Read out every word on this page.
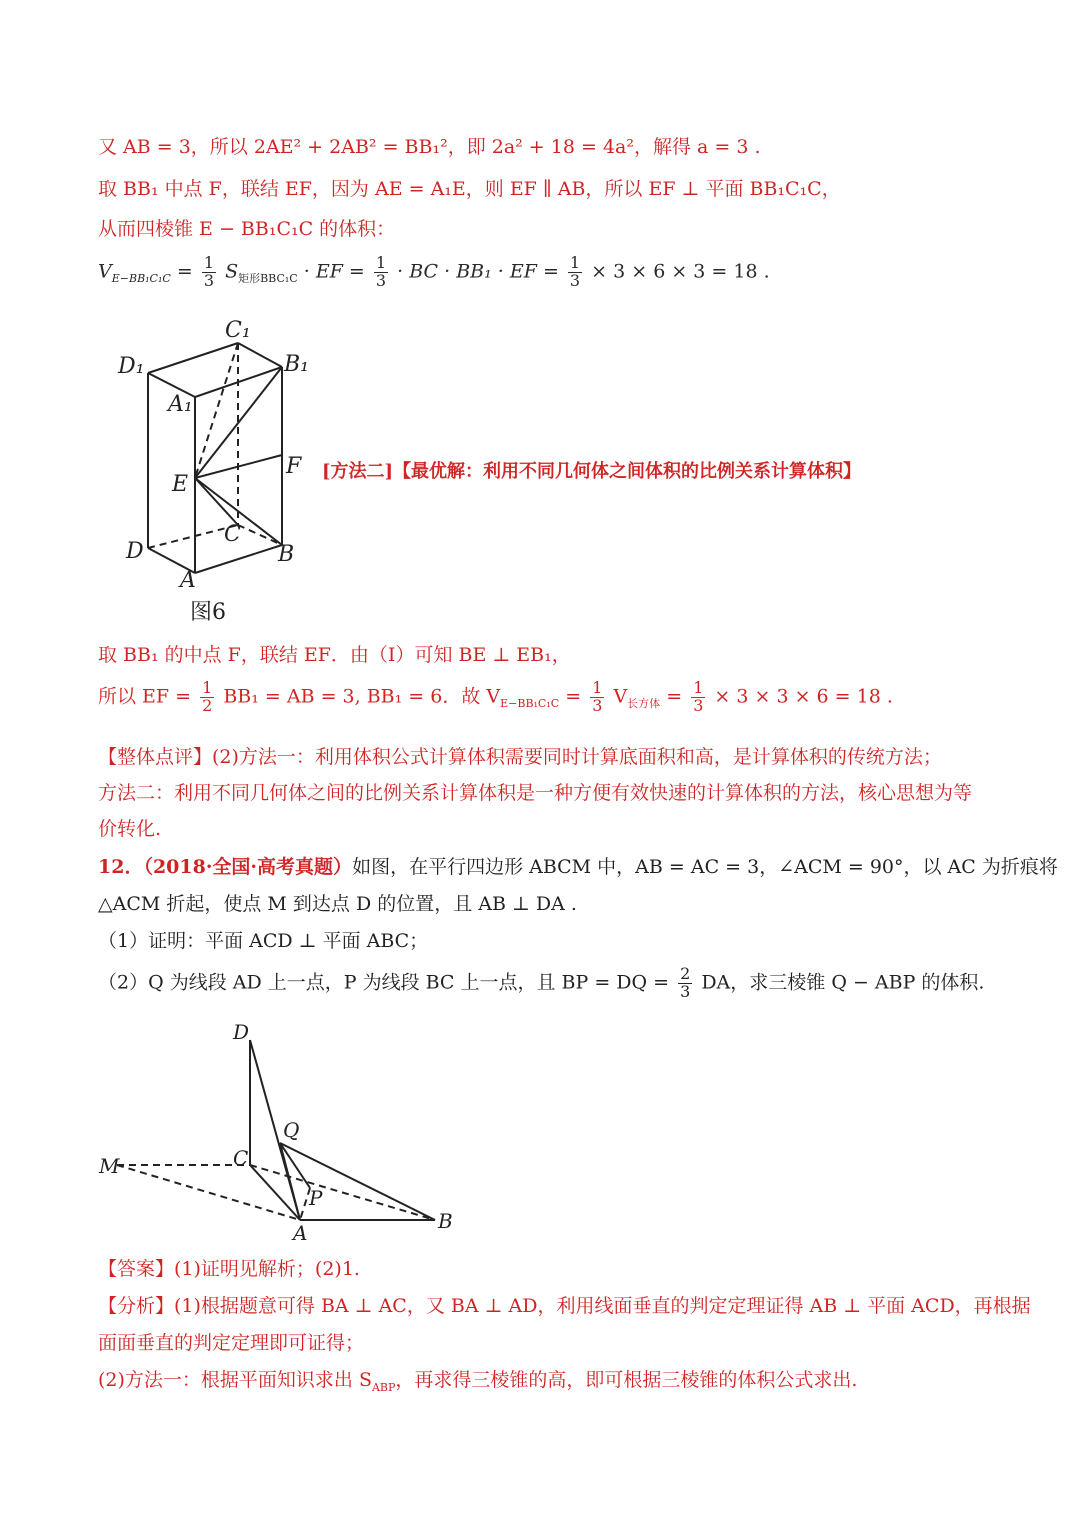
又 AB = 3，所以 2AE² + 2AB² = BB₁²，即 2a² + 18 = 4a²，解得 a = 3 .
取 BB₁ 中点 F，联结 EF，因为 AE = A₁E，则 EF ∥ AB，所以 EF ⊥ 平面 BB₁C₁C，
从而四棱锥 E − BB₁C₁C 的体积：
$V_{E-BB_1C_1C} = \frac{1}{3} S_{矩形BBC_1C}$ · EF = $\frac{1}{3}$ · BC · BB₁ · EF = $\frac{1}{3} \times 3 \times 6 \times 3 = 18$ .
C₁
D₁	B₁
A₁
E
F
C
D	B
A
图6
[方法二]【最优解：利用不同几何体之间体积的比例关系计算体积】
取 BB₁ 的中点 F，联结 EF．由（Ⅰ）可知 BE ⊥ EB₁，
所以 EF = $\frac{1}{2} BB_1$ = AB = 3, BB₁ = 6．故 $V_{E-BB_1C_1C} = \frac{1}{3} V_{长方体} = \frac{1}{3} \times 3 \times 3 \times 6 = 18$ .
【整体点评】(2)方法一：利用体积公式计算体积需要同时计算底面积和高，是计算体积的传统方法；
方法二：利用不同几何体之间的比例关系计算体积是一种方便有效快速的计算体积的方法，核心思想为等
价转化.
12．（2018·全国·高考真题）如图，在平行四边形 ABCM 中，AB = AC = 3，∠ACM = 90°，以 AC 为折痕将
△ACM 折起，使点 M 到达点 D 的位置，且 AB ⊥ DA .
（1）证明：平面 ACD ⊥ 平面 ABC；
（2）Q 为线段 AD 上一点，P 为线段 BC 上一点，且 BP = DQ = $\frac{2}{3}$ DA，求三棱锥 Q − ABP 的体积.
D
Q
M	C
P
A	B
【答案】(1)证明见解析；(2)1.
【分析】(1)根据题意可得 BA ⊥ AC，又 BA ⊥ AD，利用线面垂直的判定定理证得 AB ⊥ 平面 ACD，再根据
面面垂直的判定定理即可证得；
(2)方法一：根据平面知识求出 $S_{ABP}$，再求得三棱锥的高，即可根据三棱锥的体积公式求出.
